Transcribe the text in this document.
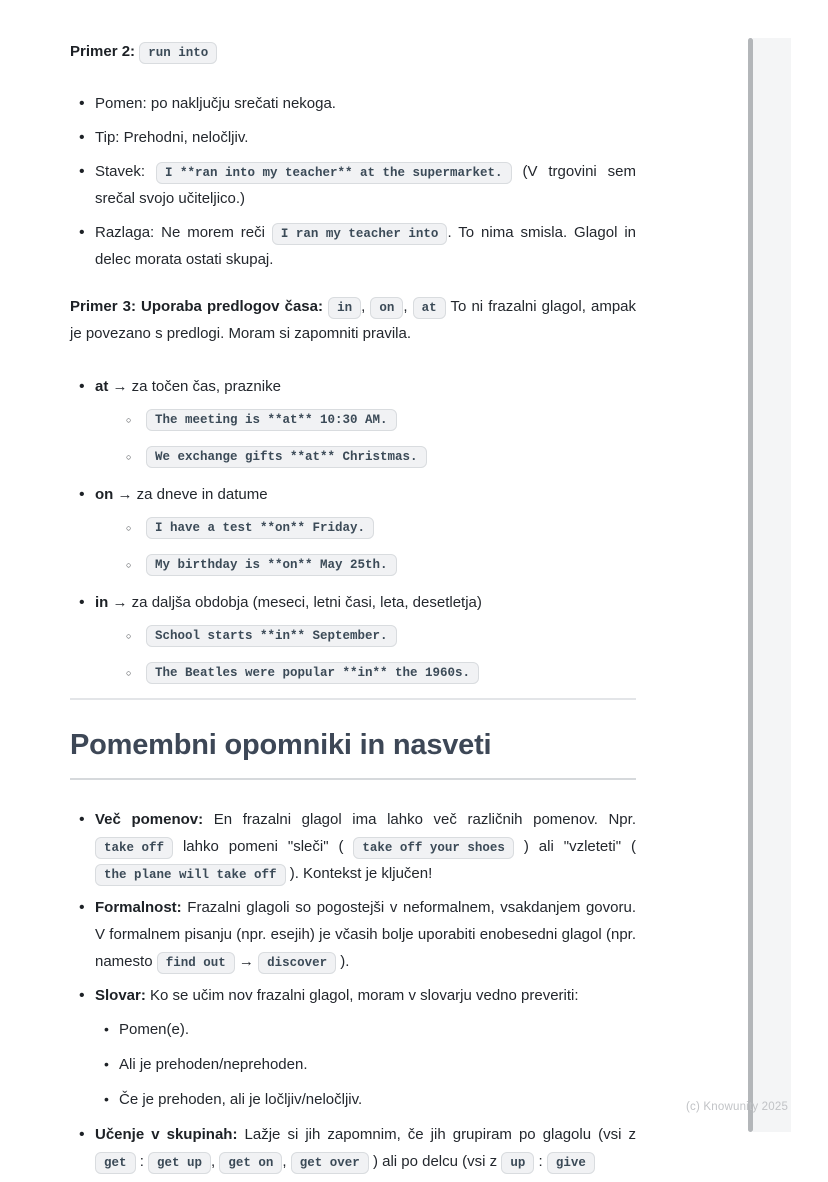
Primer 2: run into

• Pomen: po naključju srečati nekoga.
• Tip: Prehodni, neločljiv.
• Stavek: I **ran into my teacher** at the supermarket. (V trgovini sem srečal svojo učiteljico.)
• Razlaga: Ne morem reči I ran my teacher into . To nima smisla. Glagol in delec morata ostati skupaj.

Primer 3: Uporaba predlogov časa: in , on , at To ni frazalni glagol, ampak je povezano s predlogi. Moram si zapomniti pravila.

• at → za točen čas, praznike
○ The meeting is **at** 10:30 AM.
○ We exchange gifts **at** Christmas.
• on → za dneve in datume
○ I have a test **on** Friday.
○ My birthday is **on** May 25th.
• in → za daljša obdobja (meseci, letni časi, leta, desetletja)
○ School starts **in** September.
○ The Beatles were popular **in** the 1960s.
Pomembni opomniki in nasveti
• Več pomenov: En frazalni glagol ima lahko več različnih pomenov. Npr. take off lahko pomeni "sleči" ( take off your shoes ) ali "vzleteti" ( the plane will take off ). Kontekst je ključen!
• Formalnost: Frazalni glagoli so pogostejši v neformalnem, vsakdanjem govoru. V formalnem pisanju (npr. esejih) je včasih bolje uporabiti enobesedni glagol (npr. namesto find out → discover ).
• Slovar: Ko se učim nov frazalni glagol, moram v slovarju vedno preveriti:
• Pomen(e).
• Ali je prehoden/neprehoden.
• Če je prehoden, ali je ločljiv/neločljiv.
• Učenje v skupinah: Lažje si jih zapomnim, če jih grupiram po glagolu (vsi z get : get up , get on , get over ) ali po delcu (vsi z up : give
(c) Knowunity 2025
